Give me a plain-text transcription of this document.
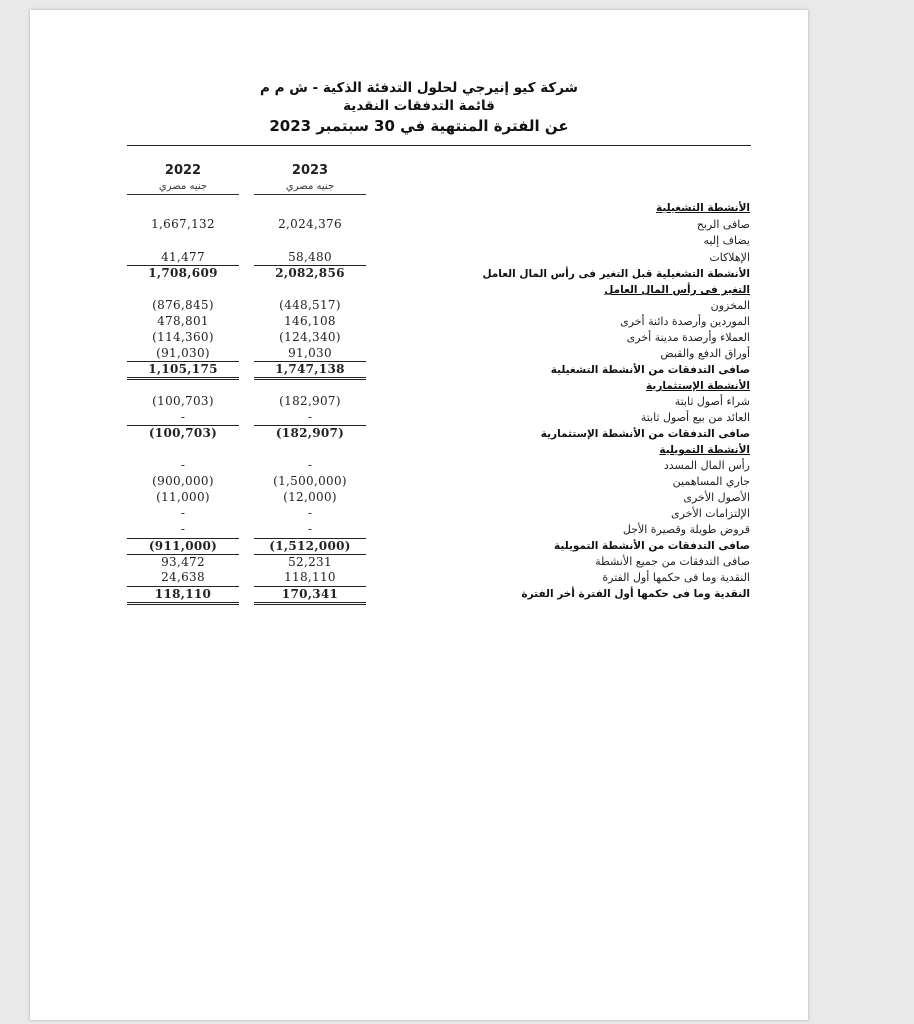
شركة كيو إنيرجي لحلول التدفئة الذكية - ش م م
قائمة التدفقات النقدية
عن الفترة المنتهية في 30 سبتمبر 2023
2022
جنيه مصري
2023
جنيه مصري
الأنشطة التشغيلية
صافى الربح
1,667,132	2,024,376
يضاف إليه
الإهلاكات
41,477	58,480
الأنشطة التشغيلية قبل التغير فى رأس المال العامل
1,708,609	2,082,856
التغير فى رأس المال العامل
المخزون
(876,845)	(448,517)
الموردين وأرصدة دائنة أخرى
478,801	146,108
العملاء وأرصدة مدينة أخرى
(114,360)	(124,340)
أوراق الدفع والقبض
(91,030)	91,030
صافى التدفقات من الأنشطة التشغيلية
1,105,175	1,747,138
الأنشطة الإستثمارية
شراء أصول ثابتة
(100,703)	(182,907)
العائد من بيع أصول ثابتة
-	-
صافى التدفقات من الأنشطة الإستثمارية
(100,703)	(182,907)
الأنشطة التمويلية
رأس المال المسدد
-	-
جاري المساهمين
(900,000)	(1,500,000)
الأصول الأخرى
(11,000)	(12,000)
الإلتزامات الأخرى
-	-
قروض طويلة وقصيرة الأجل
-	-
صافى التدفقات من الأنشطة التمويلية
(911,000)	(1,512,000)
صافى التدفقات من جميع الأنشطة
93,472	52,231
النقدية وما فى حكمها أول الفترة
24,638	118,110
النقدية وما فى حكمها أول الفترة أخر الفترة
118,110	170,341
